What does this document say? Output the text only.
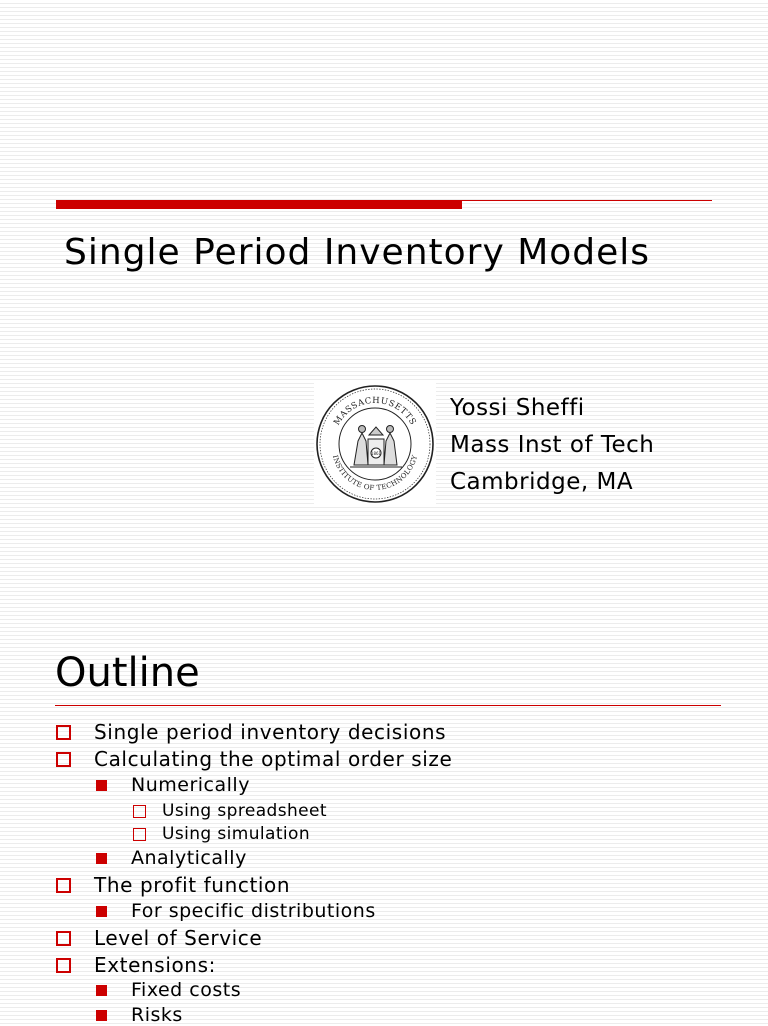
Single Period Inventory Models
MASSACHUSETTS
INSTITUTE OF TECHNOLOGY
1861
Yossi Sheffi
Mass Inst of Tech
Cambridge, MA
Outline
Single period inventory decisions
Calculating the optimal order size
Numerically
Using spreadsheet
Using simulation
Analytically
The profit function
For specific distributions
Level of Service
Extensions:
Fixed costs
Risks
